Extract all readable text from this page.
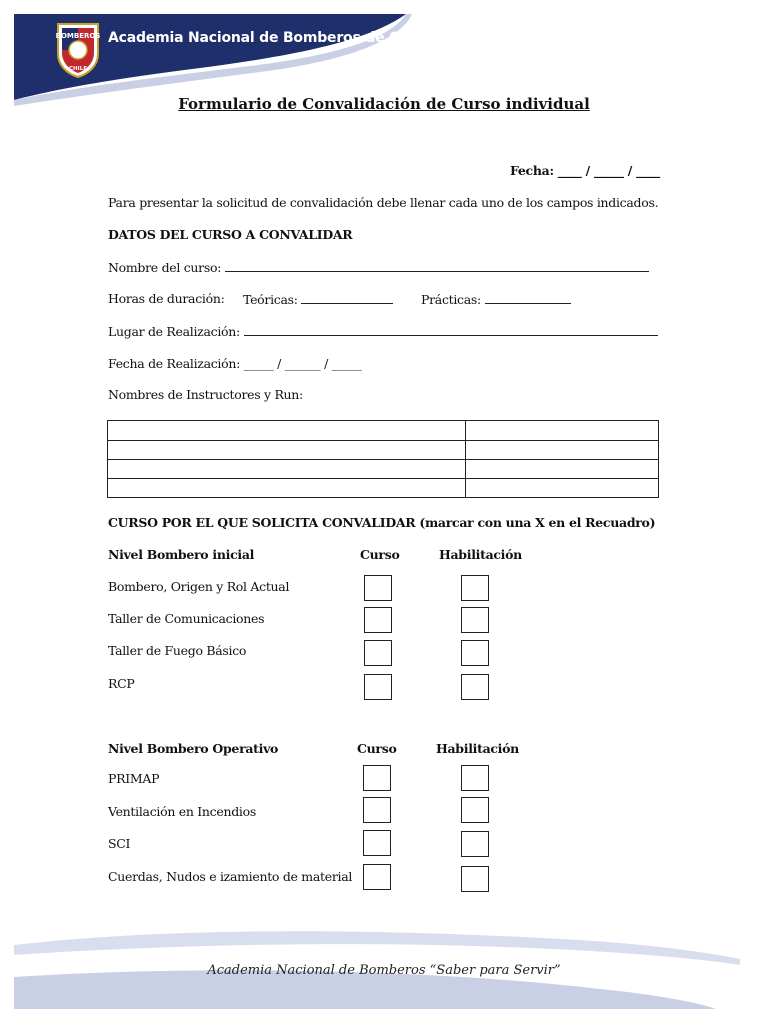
BOMBEROS
CHILE
Academia Nacional de Bomberos de Chile
Formulario de Convalidación de Curso individual
Fecha: ____ / _____ / ____
Para presentar la solicitud de convalidación debe llenar cada uno de los campos indicados.
DATOS DEL CURSO A CONVALIDAR
Nombre del curso:
Horas de duración: Teóricas:	Prácticas:
Lugar de Realización:
Fecha de Realización: _____ / ______ / _____
Nombres de Instructores y Run:
CURSO POR EL QUE SOLICITA CONVALIDAR (marcar con una X en el Recuadro)
Nivel Bombero inicial	Curso	Habilitación
Bombero, Origen y Rol Actual
Taller de Comunicaciones
Taller de Fuego Básico
RCP
Nivel Bombero Operativo	Curso	Habilitación
PRIMAP
Ventilación en Incendios
SCI
Cuerdas, Nudos e izamiento de material
Academia Nacional de Bomberos “Saber para Servir”
